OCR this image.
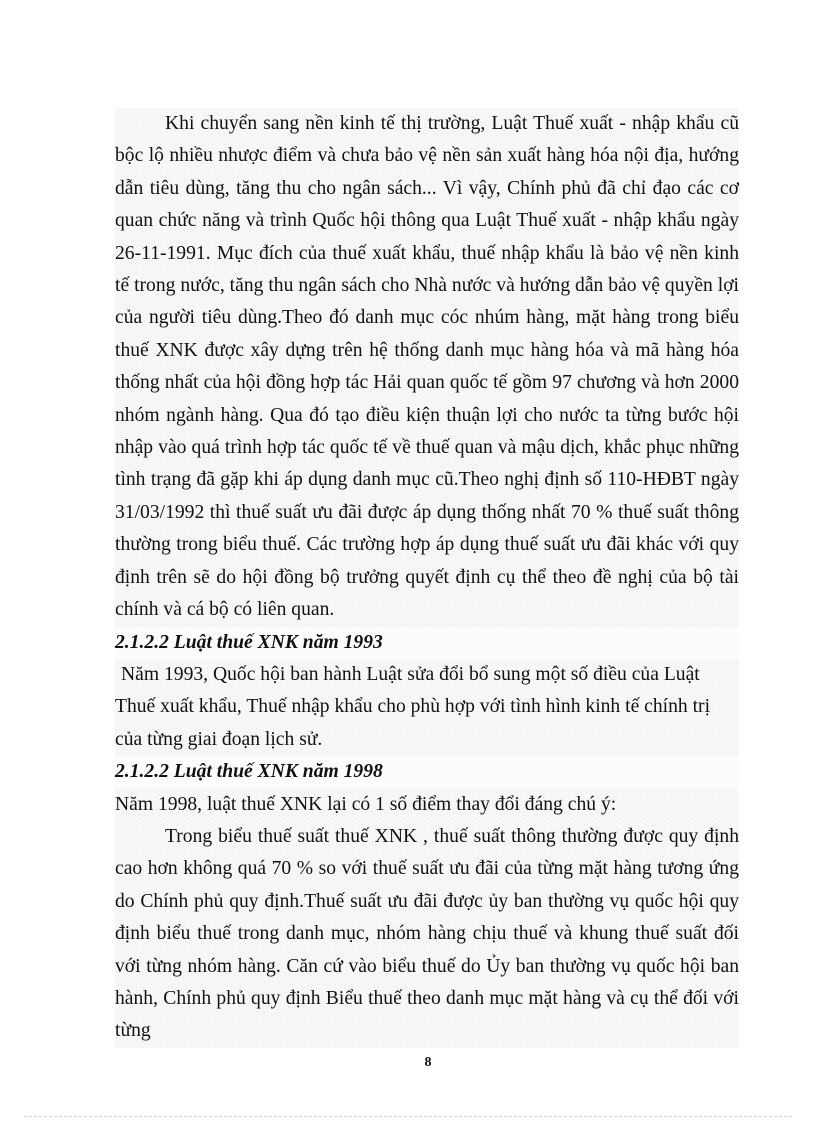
Khi chuyển sang nền kinh tế thị trường, Luật Thuế xuất - nhập khẩu cũ bộc lộ nhiều nhược điểm và chưa bảo vệ nền sản xuất hàng hóa nội địa, hướng dẫn tiêu dùng, tăng thu cho ngân sách... Vì vậy, Chính phủ đã chỉ đạo các cơ quan chức năng và trình Quốc hội thông qua Luật Thuế xuất - nhập khẩu ngày 26-11-1991. Mục đích của thuế xuất khẩu, thuế nhập khẩu là bảo vệ nền kinh tế trong nước, tăng thu ngân sách cho Nhà nước và hướng dẫn bảo vệ quyền lợi của người tiêu dùng.Theo đó danh mục cóc nhúm hàng, mặt hàng trong biểu thuế XNK được xây dựng trên hệ thống danh mục hàng hóa và mã hàng hóa thống nhất của hội đồng hợp tác Hải quan quốc tế gồm 97 chương và hơn 2000 nhóm ngành hàng. Qua đó tạo điều kiện thuận lợi cho nước ta từng bước hội nhập vào quá trình hợp tác quốc tế về thuế quan và mậu dịch, khắc phục những tình trạng đã gặp khi áp dụng danh mục cũ.Theo nghị định số 110-HĐBT ngày 31/03/1992 thì thuế suất ưu đãi được áp dụng thống nhất 70 % thuế suất thông thường trong biểu thuế. Các trường hợp áp dụng thuế suất ưu đãi khác với quy định trên sẽ do hội đồng bộ trưởng quyết định cụ thể theo đề nghị của bộ tài chính và cá bộ có liên quan.

2.1.2.2 Luật thuế XNK năm 1993

Năm 1993, Quốc hội ban hành Luật sửa đổi bổ sung một số điều của Luật Thuế xuất khẩu, Thuế nhập khẩu cho phù hợp với tình hình kinh tế chính trị của từng giai đoạn lịch sử.

2.1.2.2 Luật thuế XNK năm 1998

Năm 1998, luật thuế XNK lại có 1 số điểm thay đổi đáng chú ý:

Trong biểu thuế suất thuế XNK , thuế suất thông thường được quy định cao hơn không quá 70 % so với thuế suất ưu đãi của từng mặt hàng tương ứng do Chính phủ quy định.Thuế suất ưu đãi được ủy ban thường vụ quốc hội quy định biểu thuế trong danh mục, nhóm hàng chịu thuế và khung thuế suất đối với từng nhóm hàng. Căn cứ vào biểu thuế do Ủy ban thường vụ quốc hội ban hành, Chính phủ quy định Biểu thuế theo danh mục mặt hàng và cụ thể đối với từng

8
